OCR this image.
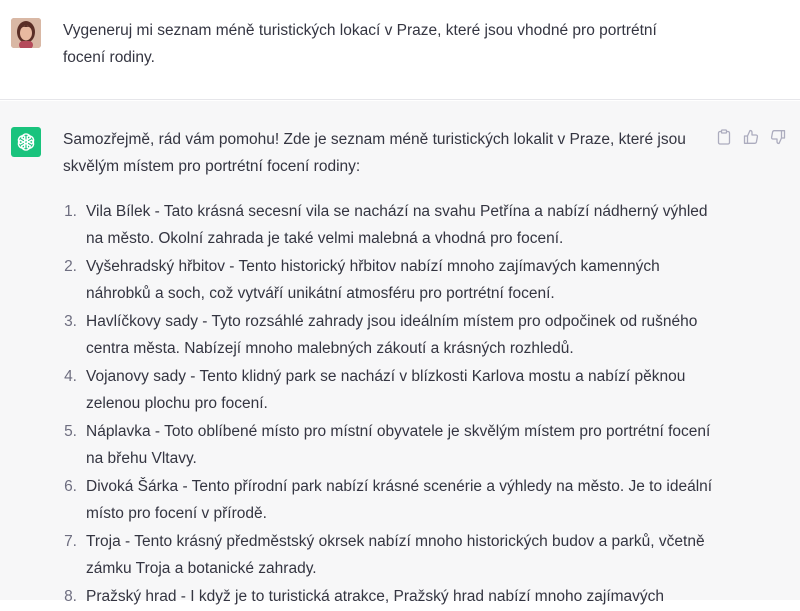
Vygeneruj mi seznam méně turistických lokací v Praze, které jsou vhodné pro portrétní focení rodiny.

Samozřejmě, rád vám pomohu! Zde je seznam méně turistických lokalit v Praze, které jsou skvělým místem pro portrétní focení rodiny:

1. Vila Bílek - Tato krásná secesní vila se nachází na svahu Petřína a nabízí nádherný výhled na město. Okolní zahrada je také velmi malebná a vhodná pro focení.
2. Vyšehradský hřbitov - Tento historický hřbitov nabízí mnoho zajímavých kamenných náhrobků a soch, což vytváří unikátní atmosféru pro portrétní focení.
3. Havlíčkovy sady - Tyto rozsáhlé zahrady jsou ideálním místem pro odpočinek od rušného centra města. Nabízejí mnoho malebných zákoutí a krásných rozhledů.
4. Vojanovy sady - Tento klidný park se nachází v blízkosti Karlova mostu a nabízí pěknou zelenou plochu pro focení.
5. Náplavka - Toto oblíbené místo pro místní obyvatele je skvělým místem pro portrétní focení na břehu Vltavy.
6. Divoká Šárka - Tento přírodní park nabízí krásné scenérie a výhledy na město. Je to ideální místo pro focení v přírodě.
7. Troja - Tento krásný předměstský okrsek nabízí mnoho historických budov a parků, včetně zámku Troja a botanické zahrady.
8. Pražský hrad - I když je to turistická atrakce, Pražský hrad nabízí mnoho zajímavých
